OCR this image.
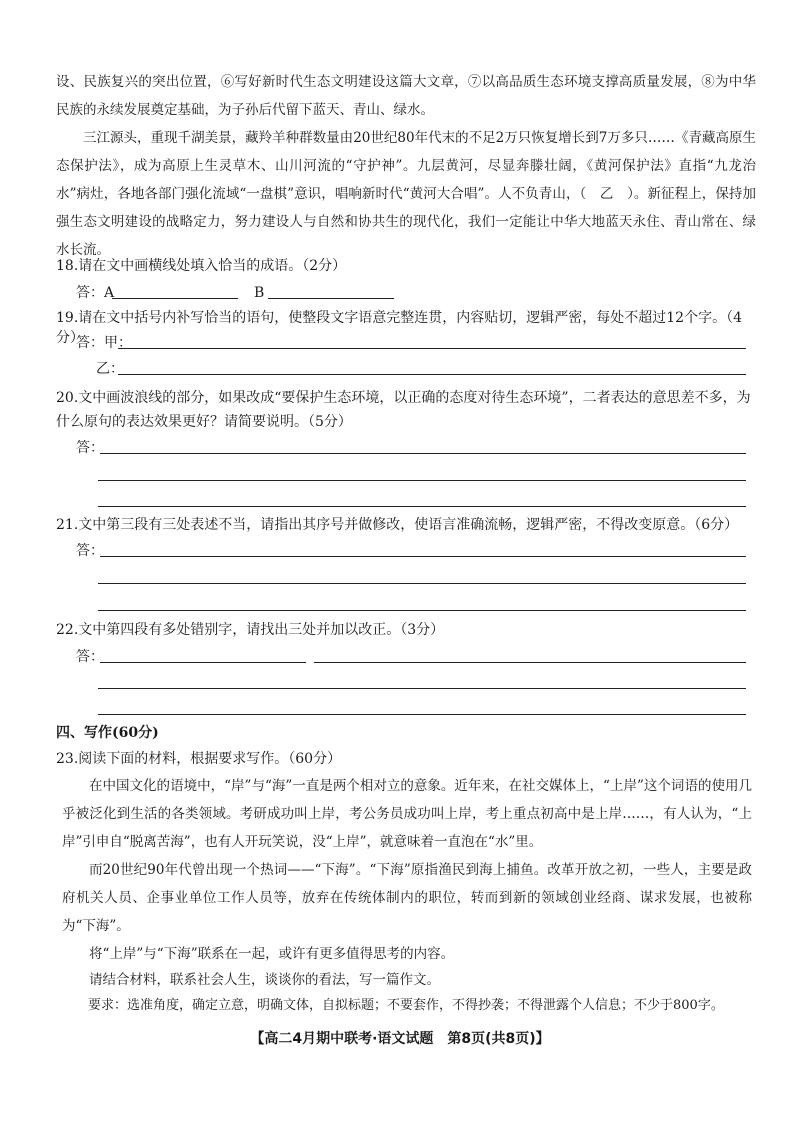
设、民族复兴的突出位置，⑥写好新时代生态文明建设这篇大文章，⑦以高品质生态环境支撑高质量发展，⑧为中华民族的永续发展奠定基础，为子孙后代留下蓝天、青山、绿水。

三江源头，重现千湖美景，藏羚羊种群数量由20世纪80年代末的不足2万只恢复增长到7万多只……《青藏高原生态保护法》，成为高原上生灵草木、山川河流的“守护神”。九层黄河，尽显奔滕壮阔，《黄河保护法》直指“九龙治水”病灶，各地各部门强化流域“一盘棋”意识，唱响新时代“黄河大合唱”。人不负青山，（　乙　）。新征程上，保持加强生态文明建设的战略定力，努力建设人与自然和协共生的现代化，我们一定能让中华大地蓝天永住、青山常在、绿水长流。

18.请在文中画横线处填入恰当的成语。（2分）

答：A	B

19.请在文中括号内补写恰当的语句，使整段文字语意完整连贯，内容贴切，逻辑严密，每处不超过12个字。（4分）

答：甲：
乙：

20.文中画波浪线的部分，如果改成“要保护生态环境，以正确的态度对待生态环境”，二者表达的意思差不多，为什么原句的表达效果更好？请简要说明。（5分）

答：

21.文中第三段有三处表述不当，请指出其序号并做修改，使语言准确流畅，逻辑严密，不得改变原意。（6分）

答：

22.文中第四段有多处错别字，请找出三处并加以改正。（3分）

答：

四、写作(60分)

23.阅读下面的材料，根据要求写作。（60分）

在中国文化的语境中，“岸”与“海”一直是两个相对立的意象。近年来，在社交媒体上，“上岸”这个词语的使用几乎被泛化到生活的各类领域。考研成功叫上岸，考公务员成功叫上岸，考上重点初高中是上岸……，有人认为，“上岸”引申自“脱离苦海”，也有人开玩笑说，没“上岸”，就意味着一直泡在“水”里。

而20世纪90年代曾出现一个热词——“下海”。“下海”原指渔民到海上捕鱼。改革开放之初，一些人，主要是政府机关人员、企事业单位工作人员等，放弃在传统体制内的职位，转而到新的领域创业经商、谋求发展，也被称为“下海”。

将“上岸”与“下海”联系在一起，或许有更多值得思考的内容。

请结合材料，联系社会人生，谈谈你的看法，写一篇作文。

要求：选准角度，确定立意，明确文体，自拟标题；不要套作，不得抄袭；不得泄露个人信息；不少于800字。

【高二4月期中联考·语文试题　第8页(共8页)】
